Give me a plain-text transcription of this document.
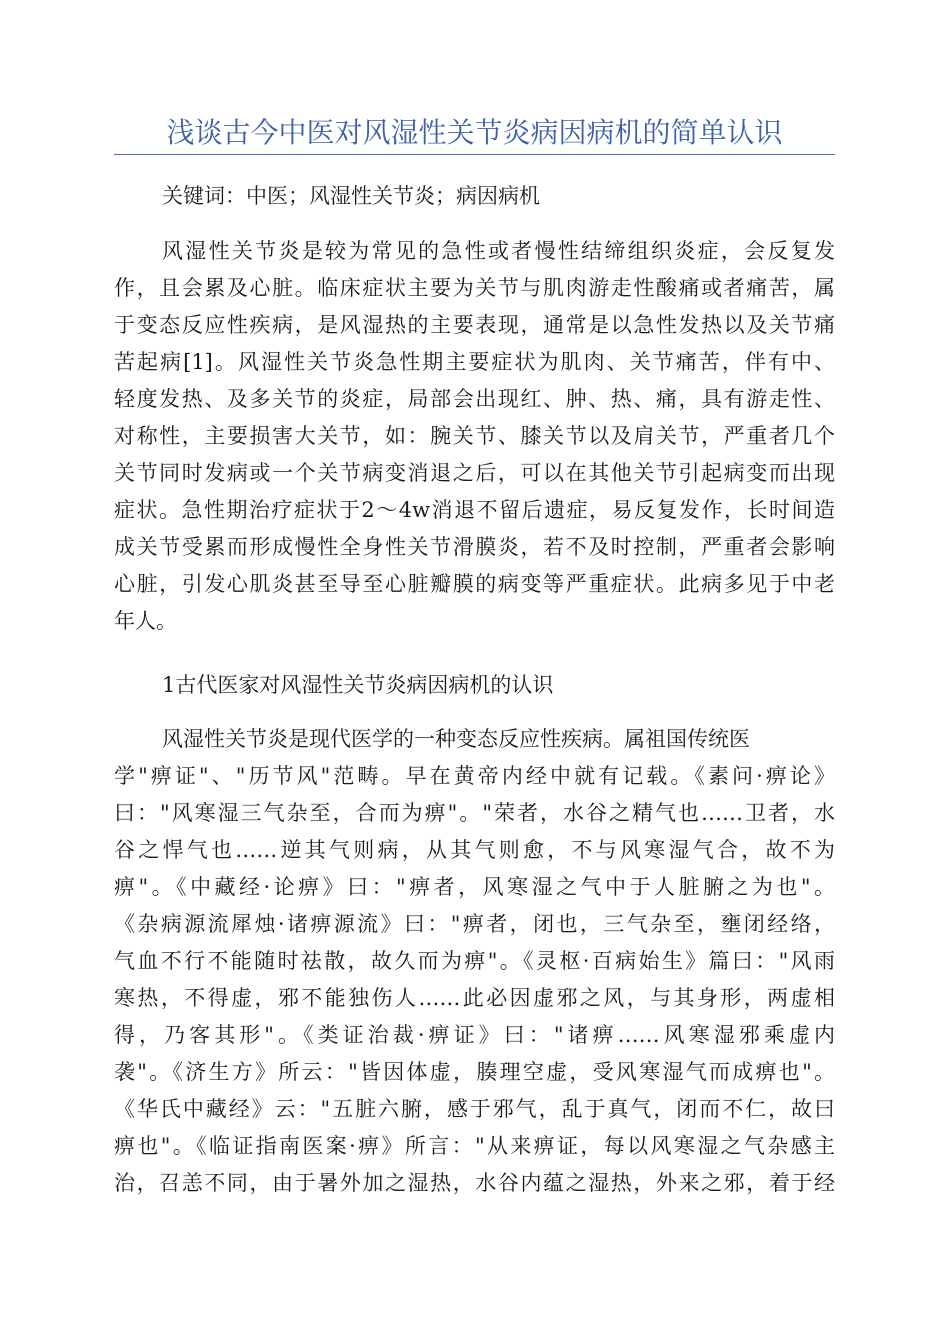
浅谈古今中医对风湿性关节炎病因病机的简单认识
关键词：中医；风湿性关节炎；病因病机
风湿性关节炎是较为常见的急性或者慢性结缔组织炎症，会反复发
作，且会累及心脏。临床症状主要为关节与肌肉游走性酸痛或者痛苦，属
于变态反应性疾病，是风湿热的主要表现，通常是以急性发热以及关节痛
苦起病[1]。风湿性关节炎急性期主要症状为肌肉、关节痛苦，伴有中、
轻度发热、及多关节的炎症，局部会出现红、肿、热、痛，具有游走性、
对称性，主要损害大关节，如：腕关节、膝关节以及肩关节，严重者几个
关节同时发病或一个关节病变消退之后，可以在其他关节引起病变而出现
症状。急性期治疗症状于2～4w消退不留后遗症，易反复发作，长时间造
成关节受累而形成慢性全身性关节滑膜炎，若不及时控制，严重者会影响
心脏，引发心肌炎甚至导至心脏瓣膜的病变等严重症状。此病多见于中老
年人。
1古代医家对风湿性关节炎病因病机的认识
风湿性关节炎是现代医学的一种变态反应性疾病。属祖国传统医
学"痹证"、"历节风"范畴。早在黄帝内经中就有记载。《素问·痹论》
曰："风寒湿三气杂至，合而为痹"。"荣者，水谷之精气也……卫者，水
谷之悍气也……逆其气则病，从其气则愈，不与风寒湿气合，故不为
痹"。《中藏经·论痹》曰："痹者，风寒湿之气中于人脏腑之为也"。
《杂病源流犀烛·诸痹源流》曰："痹者，闭也，三气杂至，壅闭经络，
气血不行不能随时祛散，故久而为痹"。《灵枢·百病始生》篇曰："风雨
寒热，不得虚，邪不能独伤人……此必因虚邪之风，与其身形，两虚相
得，乃客其形"。《类证治裁·痹证》曰："诸痹……风寒湿邪乘虚内
袭"。《济生方》所云："皆因体虚，腠理空虚，受风寒湿气而成痹也"。
《华氏中藏经》云："五脏六腑，感于邪气，乱于真气，闭而不仁，故曰
痹也"。《临证指南医案·痹》所言："从来痹证，每以风寒湿之气杂感主
治，召恙不同，由于暑外加之湿热，水谷内蕴之湿热，外来之邪，着于经
